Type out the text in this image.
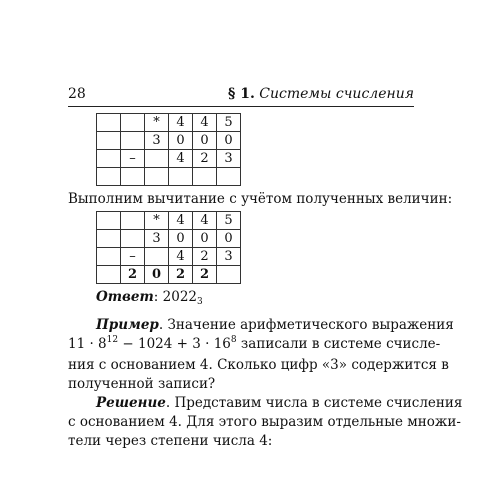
28	§ 1. Системы счисления
		*	4	4	5
		3	0	0	0
	–		4	2	3

Выполним вычитание с учётом полученных величин:
		*	4	4	5
		3	0	0	0
	–		4	2	3
	2	0	2	2	
Ответ: $2022_3$
Пример. Значение арифметического выражения
$11 \cdot 8^{12} - 1024 + 3 \cdot 16^8$ записали в системе счисле-
ния с основанием 4. Сколько цифр «3» содержится в
полученной записи?
Решение. Представим числа в системе счисления
с основанием 4. Для этого выразим отдельные множи-
тели через степени числа 4:
